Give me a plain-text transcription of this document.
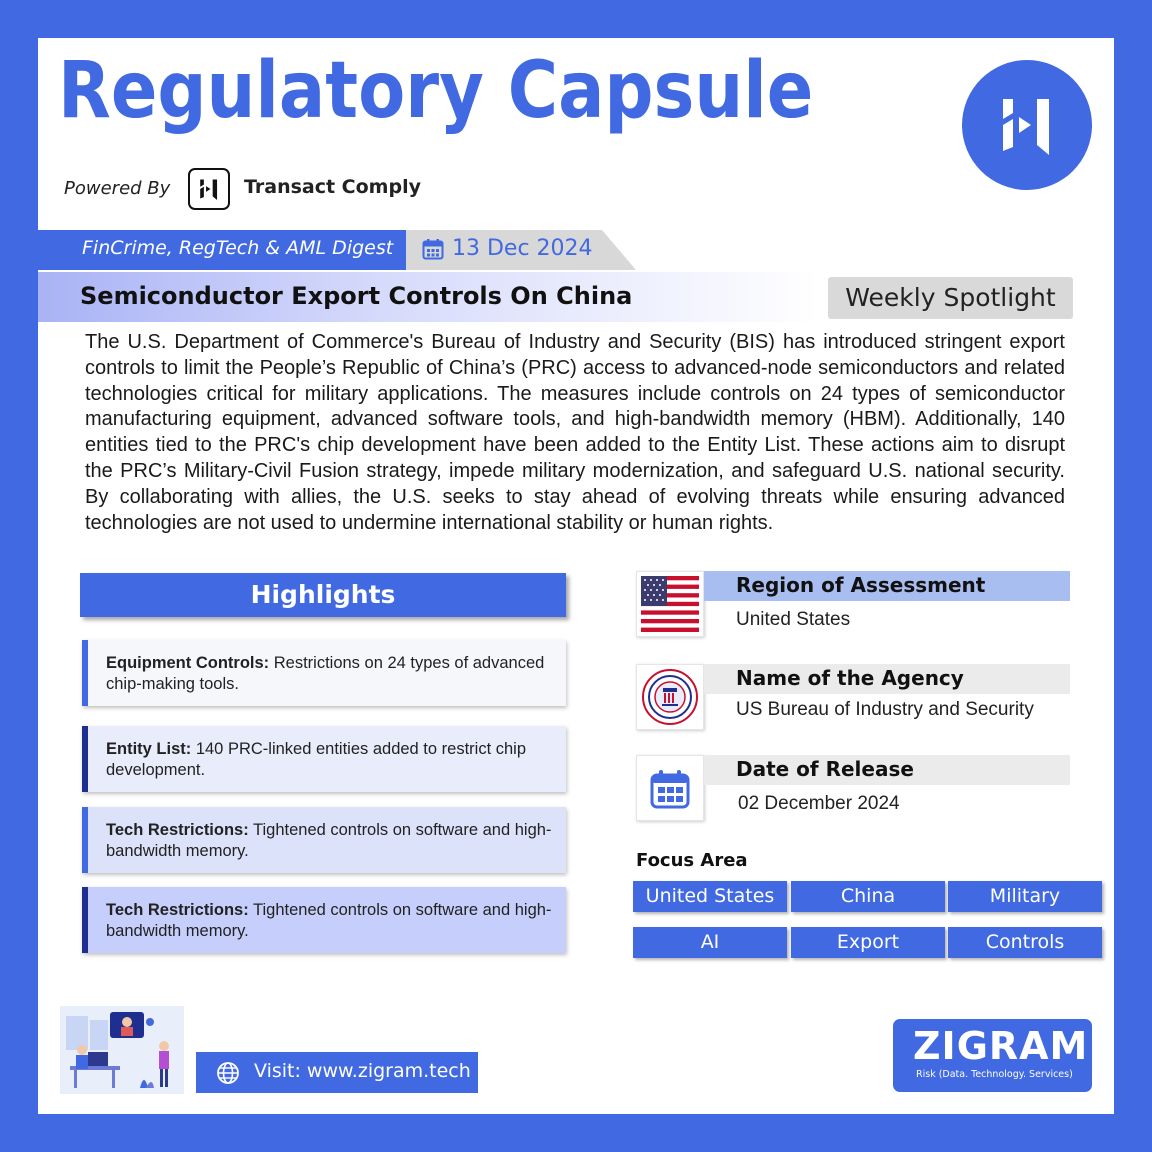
Regulatory Capsule
Powered By	Transact Comply
FinCrime, RegTech & AML Digest	13 Dec 2024
Semiconductor Export Controls On China	Weekly Spotlight
The U.S. Department of Commerce's Bureau of Industry and Security (BIS) has introduced stringent export controls to limit the People’s Republic of China’s (PRC) access to advanced-node semiconductors and related technologies critical for military applications. The measures include controls on 24 types of semiconductor manufacturing equipment, advanced software tools, and high-bandwidth memory (HBM). Additionally, 140 entities tied to the PRC's chip development have been added to the Entity List. These actions aim to disrupt the PRC’s Military-Civil Fusion strategy, impede military modernization, and safeguard U.S. national security. By collaborating with allies, the U.S. seeks to stay ahead of evolving threats while ensuring advanced technologies are not used to undermine international stability or human rights.
Highlights
Equipment Controls: Restrictions on 24 types of advanced chip-making tools.
Entity List: 140 PRC-linked entities added to restrict chip development.
Tech Restrictions: Tightened controls on software and high-bandwidth memory.
Tech Restrictions: Tightened controls on software and high-bandwidth memory.
Region of Assessment
United States
Name of the Agency
US Bureau of Industry and Security
Date of Release
02 December 2024
Focus Area
United States	China	Military
AI	Export	Controls
Visit: www.zigram.tech
ZIGRAM
Risk (Data. Technology. Services)
